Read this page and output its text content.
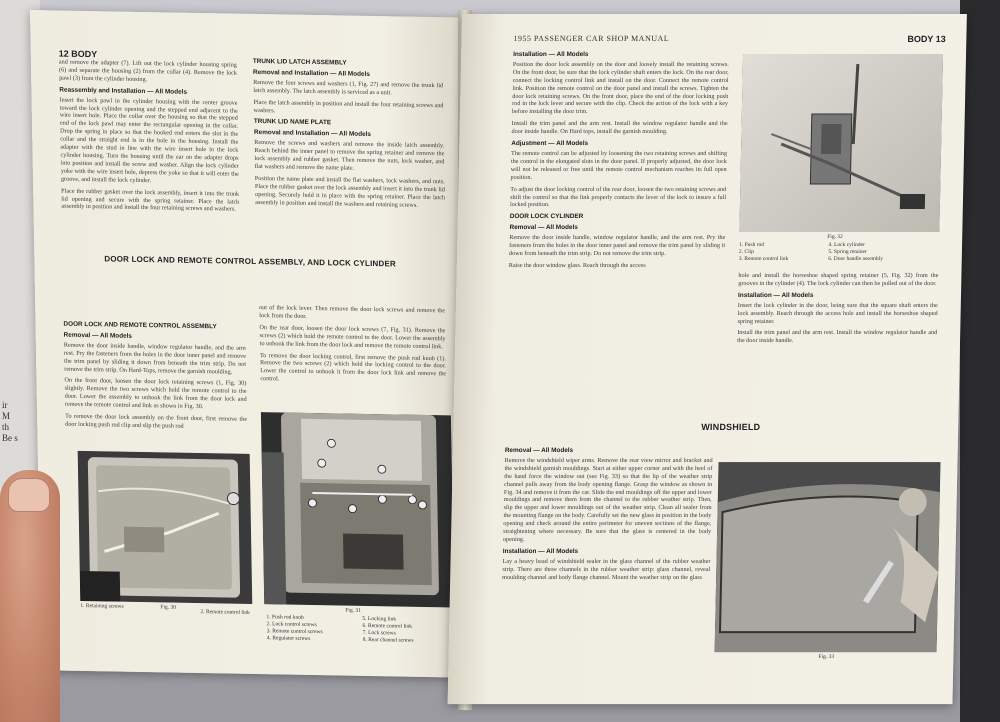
ir
M
th
Be s
12 BODY

and remove the adapter (7). Lift out the lock cylinder housing spring (6) and separate the housing (2) from the collar (4). Remove the lock pawl (3) from the cylinder housing.

Reassembly and Installation — All Models

Insert the lock pawl in the cylinder housing with the center groove toward the lock cylinder opening and the stepped end adjacent to the wire insert hole. Place the collar over the housing so that the stepped end of the lock pawl may enter the rectangular opening in the collar. Drop the spring in place so that the hooked end enters the slot in the collar and the straight end is in the hole in the housing. Install the adapter with the stud in line with the wire insert hole in the lock cylinder housing. Turn the housing until the ear on the adapter drops into position and install the screw and washer. Align the lock cylinder yoke with the wire insert hole, depress the yoke so that it will enter the groove, and install the lock cylinder.

Place the rubber gasket over the lock assembly, insert it into the trunk lid opening and secure with the spring retainer. Place the latch assembly in position and install the four retaining screws and washers.

TRUNK LID LATCH ASSEMBLY
Removal and Installation — All Models

Remove the four screws and washers (1, Fig. 27) and remove the trunk lid latch assembly. The latch assembly is serviced as a unit.

Place the latch assembly in position and install the four retaining screws and washers.

TRUNK LID NAME PLATE
Removal and Installation — All Models

Remove the screws and washers and remove the inside latch assembly. Reach behind the inner panel to remove the spring retainer and remove the lock assembly and rubber gasket. Then remove the nuts, lock washer, and flat washers and remove the name plate.

Position the name plate and install the flat washers, lock washers, and nuts. Place the rubber gasket over the lock assembly and insert it into the trunk lid opening. Securely hold it in place with the spring retainer. Place the latch assembly in position and install the washers and retaining screws.

DOOR LOCK AND REMOTE CONTROL ASSEMBLY, AND LOCK CYLINDER
DOOR LOCK AND REMOTE CONTROL ASSEMBLY
Removal — All Models

Remove the door inside handle, window regulator handle, and the arm rest. Pry the fasteners from the holes in the door inner panel and remove the trim panel by sliding it down from beneath the trim strip. Do not remove the trim strip. On Hard-Tops, remove the garnish moulding.

On the front door, loosen the door lock retaining screws (1, Fig. 30) slightly. Remove the two screws which hold the remote control to the door. Lower the assembly to unhook the link from the door lock and remove the remote control and link as shown in Fig. 30.

To remove the door lock assembly on the front door, first remove the door locking push rod clip and slip the push rod

out of the lock lever. Then remove the door lock screws and remove the lock from the door.

On the rear door, loosen the door lock screws (7, Fig. 31). Remove the screws (2) which hold the remote control to the door. Lower the assembly to unhook the link from the door lock and remove the remote control link.

To remove the door locking control, first remove the push rod knob (1). Remove the two screws (2) which hold the locking control to the door. Lower the control to unhook it from the door lock link and remove the control.

1. Retaining screws	Fig. 30
2. Remote control link	Fig. 31
1. Push rod knob
2. Lock control screws
3. Remote control screws
4. Regulator screws
5. Locking link
6. Remote control link
7. Lock screws
8. Rear channel screws
1955 PASSENGER CAR SHOP MANUAL	BODY 13
Installation — All Models

Position the door lock assembly on the door and loosely install the retaining screws. On the front door, be sure that the lock cylinder shaft enters the lock. On the rear door, connect the locking control link and install on the door. Connect the remote control link. Position the remote control on the door panel and install the screws. Tighten the door lock retaining screws. On the front door, place the end of the door locking push rod in the lock lever and secure with the clip. Check the action of the lock with a key before installing the door trim.

Install the trim panel and the arm rest. Install the window regulator handle and the door inside handle. On Hard tops, install the garnish moulding.

Adjustment — All Models

The remote control can be adjusted by loosening the two retaining screws and shifting the control in the elongated slots in the door panel. If properly adjusted, the door lock will not be released or free until the remote control mechanism reaches its full open position.

To adjust the door locking control of the rear door, loosen the two retaining screws and shift the control so that the link properly contacts the lever of the lock to insure a full locked position.

DOOR LOCK CYLINDER
Removal — All Models

Remove the door inside handle, window regulator handle, and the arm rest. Pry the fasteners from the holes in the door inner panel and remove the trim panel by sliding it down from beneath the trim strip. Do not remove the trim strip.

Raise the door window glass. Reach through the access

Fig. 32
1. Push rod
2. Clip
3. Remote control link
4. Lock cylinder
5. Spring retainer
6. Door handle assembly

hole and install the horseshoe shaped spring retainer (5, Fig. 32) from the grooves in the cylinder (4). The lock cylinder can then be pulled out of the door.

Installation — All Models

Insert the lock cylinder in the door, being sure that the square shaft enters the lock assembly. Reach through the access hole and install the horseshoe shaped spring retainer.

Install the trim panel and the arm rest. Install the window regulator handle and the door inside handle.

WINDSHIELD
Removal — All Models

Remove the windshield wiper arms. Remove the rear view mirror and bracket and the windshield garnish mouldings. Start at either upper corner and with the heel of the hand force the window out (see Fig. 33) so that the lip of the weather strip channel pulls away from the body opening flange. Grasp the window as shown in Fig. 34 and remove it from the car. Slide the end mouldings off the upper and lower mouldings and remove them from the channel to the rubber weather strip. Then, slip the upper and lower mouldings out of the weather strip. Clean all sealer from the mounting flange on the body. Carefully set the new glass in position in the body opening and check around the entire perimeter for uneven sections of the flange, straightening where necessary. Be sure that the glass is centered in the body opening.

Installation — All Models

Lay a heavy bead of windshield sealer in the glass channel of the rubber weather strip. There are three channels in the rubber weather strip: glass channel, reveal moulding channel and body flange channel. Mount the weather strip on the glass

Fig. 33
